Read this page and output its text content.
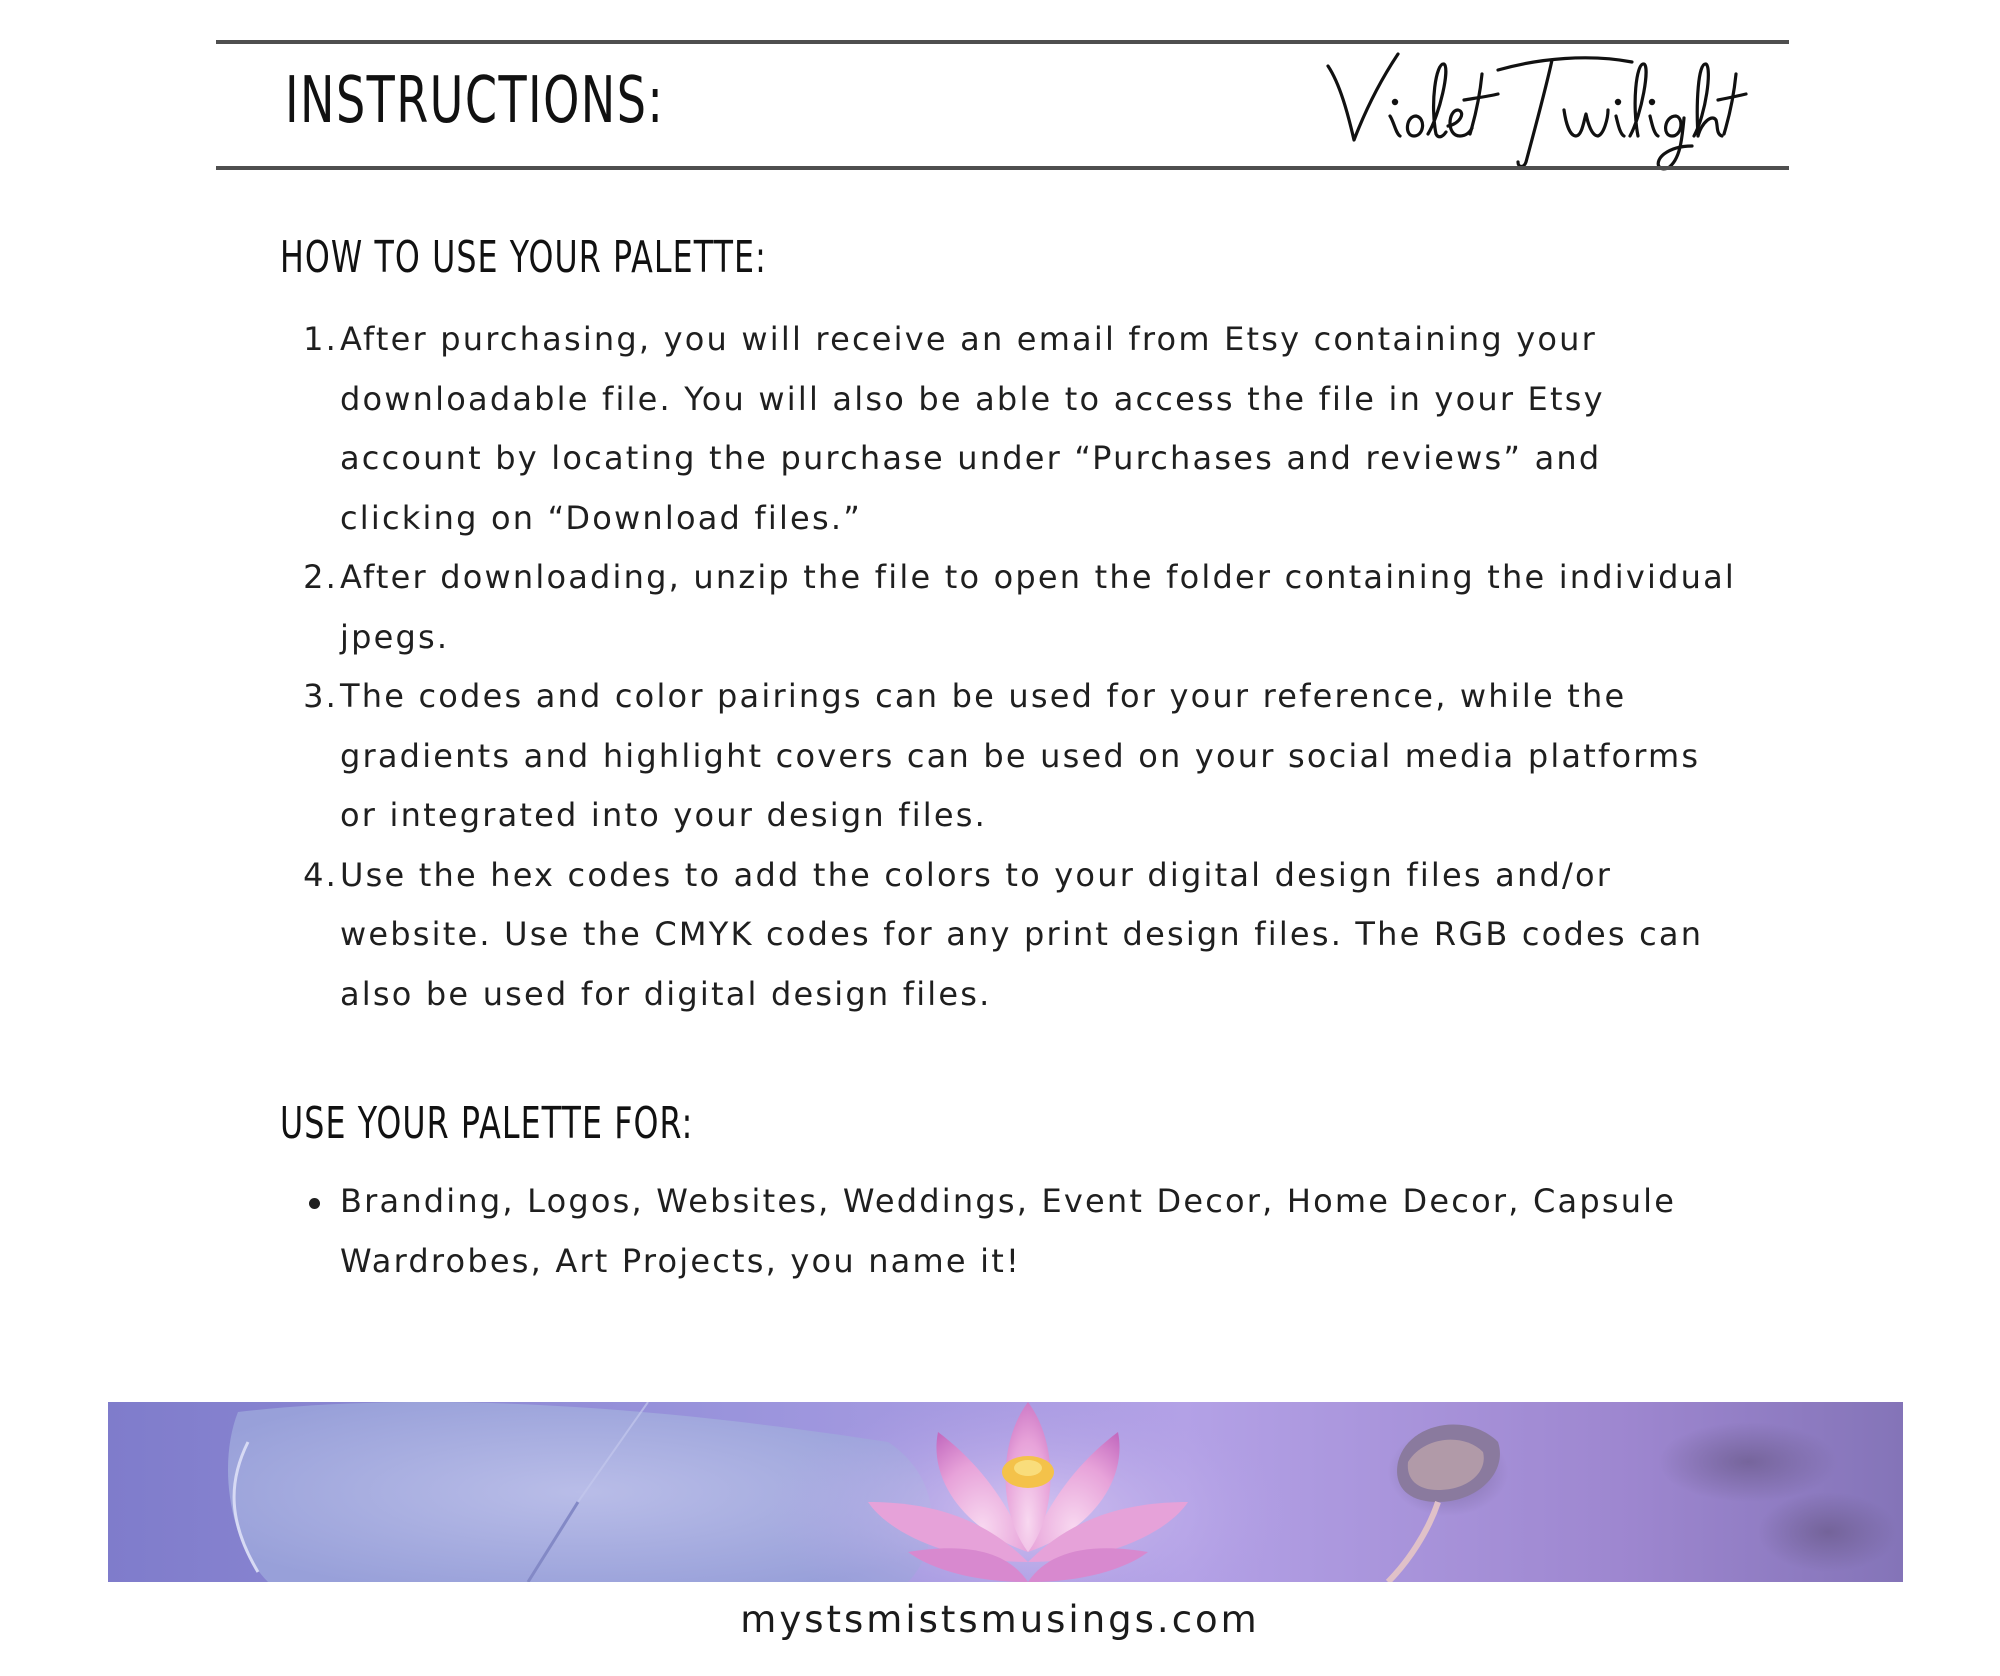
INSTRUCTIONS:
HOW TO USE YOUR PALETTE:
1. After purchasing, you will receive an email from Etsy containing your downloadable file. You will also be able to access the file in your Etsy account by locating the purchase under “Purchases and reviews” and clicking on “Download files.”
2. After downloading, unzip the file to open the folder containing the individual jpegs.
3. The codes and color pairings can be used for your reference, while the gradients and highlight covers can be used on your social media platforms or integrated into your design files.
4. Use the hex codes to add the colors to your digital design files and/or website. Use the CMYK codes for any print design files. The RGB codes can also be used for digital design files.
USE YOUR PALETTE FOR:
Branding, Logos, Websites, Weddings, Event Decor, Home Decor, Capsule Wardrobes, Art Projects, you name it!
mystsmistsmusings.com
